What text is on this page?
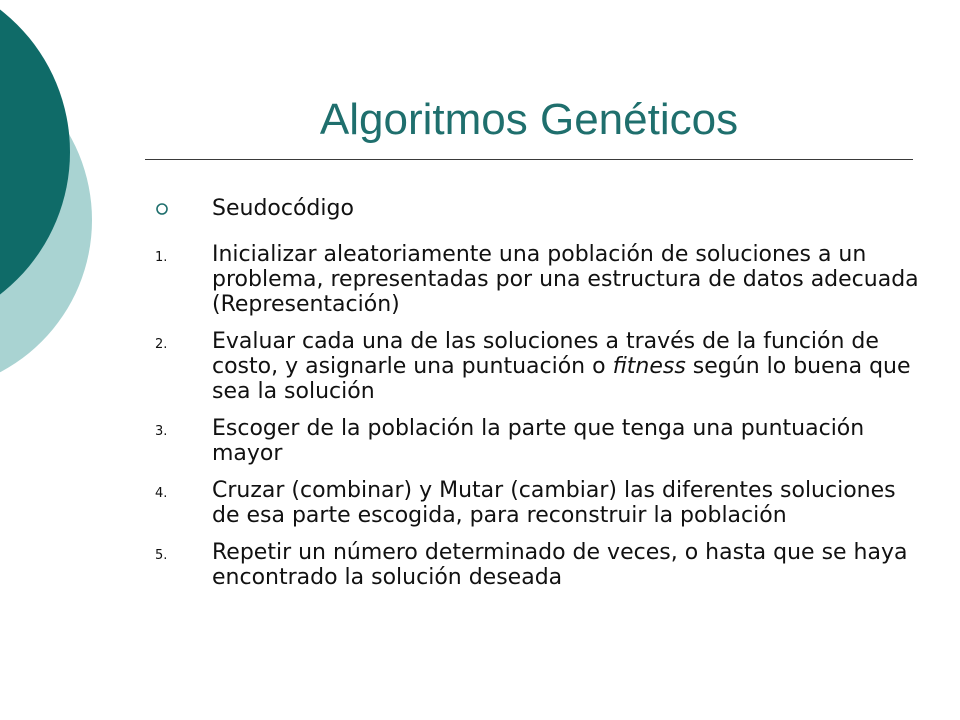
Algoritmos Genéticos
Seudocódigo
1.	Inicializar aleatoriamente una población de soluciones a un problema, representadas por una estructura de datos adecuada (Representación)
2.	Evaluar cada una de las soluciones a través de la función de costo, y asignarle una puntuación o fitness según lo buena que sea la solución
3.	Escoger de la población la parte que tenga una puntuación mayor
4.	Cruzar (combinar) y Mutar (cambiar) las diferentes soluciones de esa parte escogida, para reconstruir la población
5.	Repetir un número determinado de veces, o hasta que se haya encontrado la solución deseada
